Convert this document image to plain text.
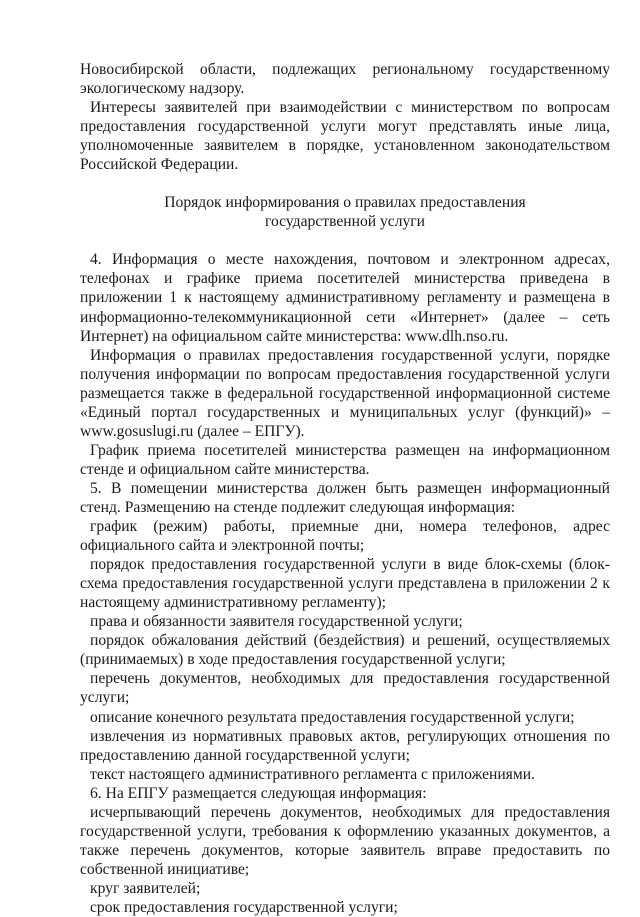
Новосибирской области, подлежащих региональному государственному экологическому надзору.

Интересы заявителей при взаимодействии с министерством по вопросам предоставления государственной услуги могут представлять иные лица, уполномоченные заявителем в порядке, установленном законодательством Российской Федерации.

Порядок информирования о правилах предоставления

государственной услуги

4. Информация о месте нахождения, почтовом и электронном адресах, телефонах и графике приема посетителей министерства приведена в приложении 1 к настоящему административному регламенту и размещена в информационно-телекоммуникационной сети «Интернет» (далее – сеть Интернет) на официальном сайте министерства: www.dlh.nso.ru.

Информация о правилах предоставления государственной услуги, порядке получения информации по вопросам предоставления государственной услуги размещается также в федеральной государственной информационной системе «Единый портал государственных и муниципальных услуг (функций)» – www.gosuslugi.ru (далее – ЕПГУ).

График приема посетителей министерства размещен на информационном стенде и официальном сайте министерства.

5. В помещении министерства должен быть размещен информационный стенд. Размещению на стенде подлежит следующая информация:

график (режим) работы, приемные дни, номера телефонов, адрес официального сайта и электронной почты;

порядок предоставления государственной услуги в виде блок-схемы (блок-схема предоставления государственной услуги представлена в приложении 2 к настоящему административному регламенту);

права и обязанности заявителя государственной услуги;

порядок обжалования действий (бездействия) и решений, осуществляемых (принимаемых) в ходе предоставления государственной услуги;

перечень документов, необходимых для предоставления государственной услуги;

описание конечного результата предоставления государственной услуги;

извлечения из нормативных правовых актов, регулирующих отношения по предоставлению данной государственной услуги;

текст настоящего административного регламента с приложениями.

6. На ЕПГУ размещается следующая информация:

исчерпывающий перечень документов, необходимых для предоставления государственной услуги, требования к оформлению указанных документов, а также перечень документов, которые заявитель вправе предоставить по собственной инициативе;

круг заявителей;

срок предоставления государственной услуги;
